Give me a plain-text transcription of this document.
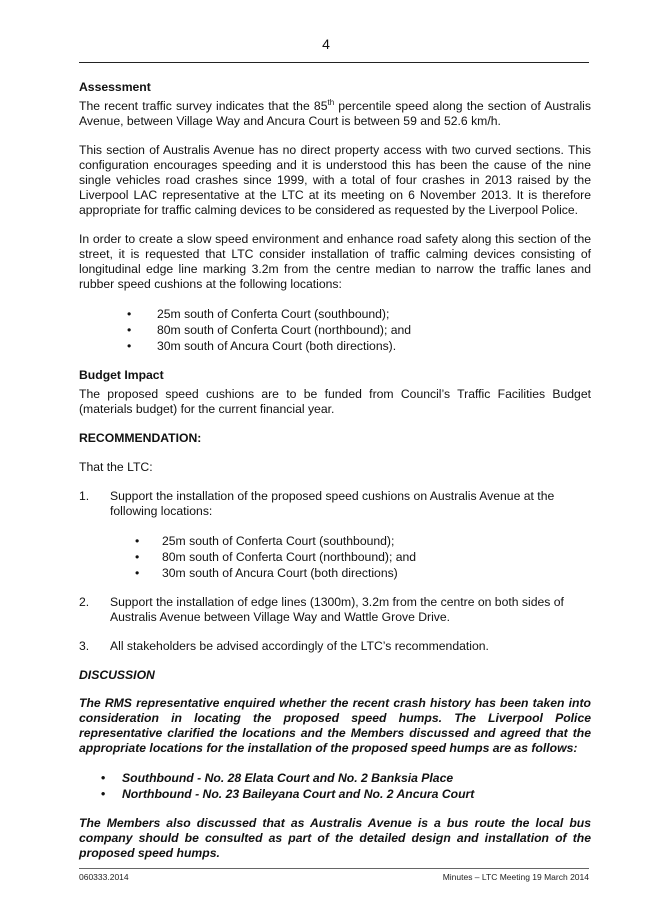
4
Assessment

The recent traffic survey indicates that the 85th percentile speed along the section of Australis Avenue, between Village Way and Ancura Court is between 59 and 52.6 km/h.

This section of Australis Avenue has no direct property access with two curved sections. This configuration encourages speeding and it is understood this has been the cause of the nine single vehicles road crashes since 1999, with a total of four crashes in 2013 raised by the Liverpool LAC representative at the LTC at its meeting on 6 November 2013. It is therefore appropriate for traffic calming devices to be considered as requested by the Liverpool Police.

In order to create a slow speed environment and enhance road safety along this section of the street, it is requested that LTC consider installation of traffic calming devices consisting of longitudinal edge line marking 3.2m from the centre median to narrow the traffic lanes and rubber speed cushions at the following locations:

• 25m south of Conferta Court (southbound);
• 80m south of Conferta Court (northbound); and
• 30m south of Ancura Court (both directions).
Budget Impact

The proposed speed cushions are to be funded from Council’s Traffic Facilities Budget (materials budget) for the current financial year.

RECOMMENDATION:

That the LTC:

1. Support the installation of the proposed speed cushions on Australis Avenue at the following locations:
• 25m south of Conferta Court (southbound);
• 80m south of Conferta Court (northbound); and
• 30m south of Ancura Court (both directions)
2. Support the installation of edge lines (1300m), 3.2m from the centre on both sides of Australis Avenue between Village Way and Wattle Grove Drive.
3. All stakeholders be advised accordingly of the LTC’s recommendation.
DISCUSSION

The RMS representative enquired whether the recent crash history has been taken into consideration in locating the proposed speed humps. The Liverpool Police representative clarified the locations and the Members discussed and agreed that the appropriate locations for the installation of the proposed speed humps are as follows:

• Southbound - No. 28 Elata Court and No. 2 Banksia Place
• Northbound - No. 23 Baileyana Court and No. 2 Ancura Court

The Members also discussed that as Australis Avenue is a bus route the local bus company should be consulted as part of the detailed design and installation of the proposed speed humps.

060333.2014	Minutes – LTC Meeting 19 March 2014
